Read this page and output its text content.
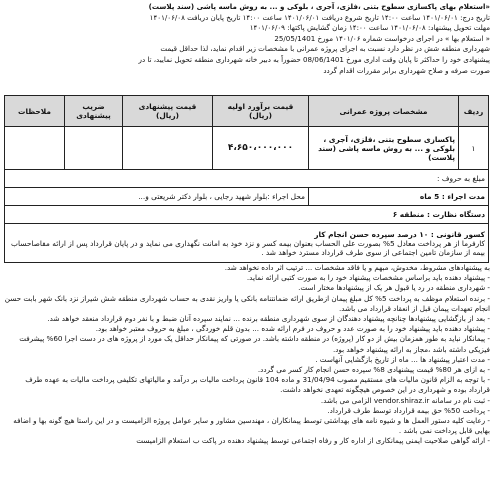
«استعلام بهای پاکسازی سطوح بتنی ،فلزی، آجری ، بلوکی و ... به روش ماسه پاشی (سند پلاست)

تاریخ درج: ۱۴۰۱/۰۶/۰۱ ساعت ۱۴:۰۰ تاریخ شروع دریافت ۱۴۰۱/۰۶/۰۱ ساعت ۱۴:۰۰ تاریخ پایان دریافت ۱۴۰۱/۰۶/۰۸

مهلت تحویل پیشنهاد: ۱۴۰۱/۰۶/۰۸ ساعت ۱۴:۰۰ زمان گشایش پاکتها: ۱۴۰۱/۰۶/۰۹

« استعلام بها » در اجرای درخواست شماره ۱۴۰۱/۰۶ مورخ 25/05/1401

شهرداری منطقه شش در نظر دارد نسبت به اجرای پروژه عمرانی با مشخصات زیر اقدام نماید، لذا حداقل قیمت

پیشنهادی خود را حداکثر تا پایان وقت اداری مورخ 08/06/1401 حضوراً به دبیر خانه شهرداری منطقه تحویل نمایید، تا در

صورت صرفه و صلاح شهرداری برابر مقررات اقدام گردد

ردیف	مشخصات پروژه عمرانی	قیمت برآورد اولیه (ریال)	قیمت پیشنهادی (ریال)	ضریب پیشنهادی	ملاحظات
۱	پاکسازی سطوح بتنی ،فلزی، آجری ، بلوکی و ... به روش ماسه پاشی (سند پلاست)	۴،۶۵۰،۰۰۰،۰۰۰			
مبلغ به حروف :					
مدت اجراء : 5 ماه		محل اجراء :بلوار شهید رجایی ، بلوار دکتر شریعتی و...			
دستگاه نظارت : منطقه ۶					

کسور قانونی : ۱۰ درصد سپرده حسن انجام کار
کارفرما از هر پرداخت معادل 5% بصورت علی الحساب بعنوان بیمه کسر و نزد خود به امانت نگهداری می نماید و در پایان قرارداد پس از ارائه مفاصاحساب بیمه از سازمان تامین اجتماعی از سوی طرف قرارداد مسترد خواهد شد .					

به پیشنهادهای مشروط، مخدوش، مبهم و یا فاقد مشخصات ... ترتیب اثر داده نخواهد شد.

- پیشنهاد دهنده باید براساس مشخصات پیشنهاد خود را به صورت کتبی ارائه نماید.

- شهرداری منطقه در رد یا قبول هر یک از پیشنهادها مختار است.

- برنده استعلام موظف به پرداخت 5% کل مبلغ پیمان ازطریق ارائه ضمانتنامه بانکی یا واریز نقدی به حساب شهرداری منطقه شش شیراز نزد بانک شهر بابت حسن انجام تعهدات پیمان قبل از انعقاد قرارداد می باشد.

- بعد از بازگشایی پیشنهادها چنانچه پیشنهاد دهندگان از سوی شهرداری منطقه برنده ... نمایند سپرده آنان ضبط و با نفر دوم قرارداد منعقد خواهد شد.

- پیشنهاد دهنده باید پیشنهاد خود را به صورت عدد و حروف در فرم ارائه شده ... بدون قلم خوردگی ، مبلغ به حروف معتبر خواهد بود.

- پیمانکار نباید به طور همزمان بیش از دو کار (پروژه) در منطقه داشته باشد. در صورتی که پیمانکار حداقل یک مورد از پروژه های در دست اجرا 60% پیشرفت فیزیکی داشته باشد ،مجاز به ارائه پیشنهاد خواهد بود.

- مدت اعتبار پیشنهاد ها ... ماه از تاریخ بازگشایی آنهاست .

- به ازای هر 80% قیمت پیشنهادی 8% سپرده حسن انجام کار کسر می گردد.

- با توجه به الزام قانون مالیات های مستقیم مصوب 31/04/94 و ماده 104 قانون پرداخت مالیات بر درآمد و مالیاتهای تکلیفی پرداخت مالیات به عهده طرف قرارداد بوده و شهرداری در این خصوص هیچگونه تعهدی نخواهد داشت.

- ثبت نام در سامانه vendor.shiraz.ir الزامی می باشد.

- پرداخت 50% حق بیمه قرارداد توسط طرف قرارداد.

- رعایت کلیه دستور العمل ها و شیوه نامه های بهداشتی توسط پیمانکاران ، مهندسین مشاور و سایر عوامل پروژه الزامیست و در این راستا هیچ گونه بها و اضافه بهایی قابل پرداخت نمی باشد .

- ارائه گواهی صلاحیت ایمنی پیمانکاری از اداره کار و رفاه اجتماعی توسط پیشنهاد دهنده در پاکت ب استعلام الزامیست
